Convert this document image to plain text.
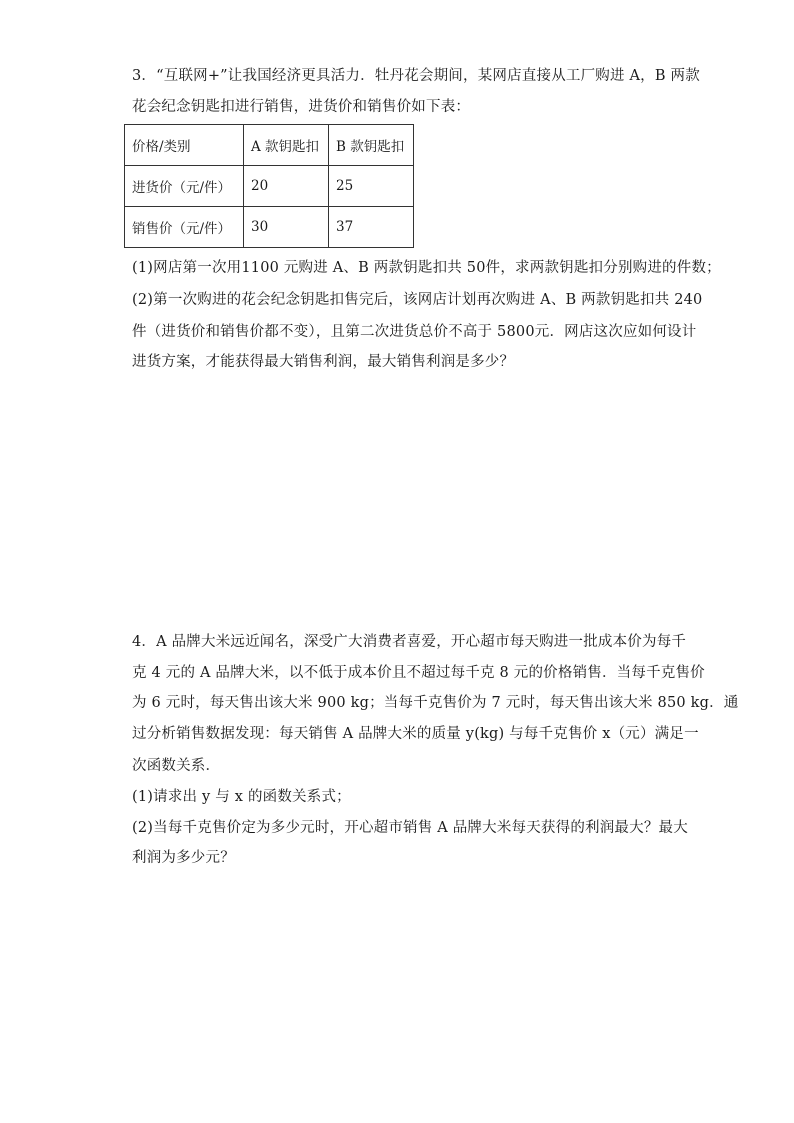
3．“互联网+”让我国经济更具活力．牡丹花会期间，某网店直接从工厂购进 A，B 两款
花会纪念钥匙扣进行销售，进货价和销售价如下表：
价格/类别	A 款钥匙扣	B 款钥匙扣
进货价（元/件）	20	25
销售价（元/件）	30	37
(1)网店第一次用1100 元购进 A、B 两款钥匙扣共 50件，求两款钥匙扣分别购进的件数；
(2)第一次购进的花会纪念钥匙扣售完后，该网店计划再次购进 A、B 两款钥匙扣共 240
件（进货价和销售价都不变），且第二次进货总价不高于 5800元．网店这次应如何设计
进货方案，才能获得最大销售利润，最大销售利润是多少？
4．A 品牌大米远近闻名，深受广大消费者喜爱，开心超市每天购进一批成本价为每千
克 4 元的 A 品牌大米，以不低于成本价且不超过每千克 8 元的价格销售．当每千克售价
为 6 元时，每天售出该大米 900 kg；当每千克售价为 7 元时，每天售出该大米 850 kg．通
过分析销售数据发现：每天销售 A 品牌大米的质量 y(kg) 与每千克售价 x（元）满足一
次函数关系．
(1)请求出 y 与 x 的函数关系式；
(2)当每千克售价定为多少元时，开心超市销售 A 品牌大米每天获得的利润最大？最大
利润为多少元？
